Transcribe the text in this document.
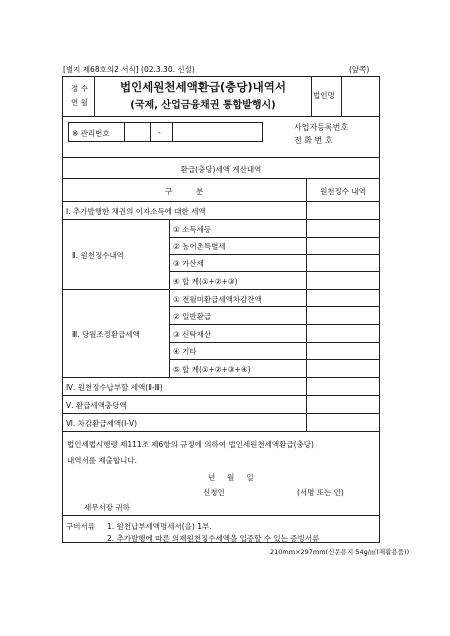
[별지 제68호의2 서식] (02.3.30. 신설)	(앞쪽)
정 수
연 월
법인세원천세액환급(충당)내역서
(국제, 산업금융채권 통합발행시)
법인명
※ 관리번호	-
사업자등록번호
전 화 번 호
환급(충당)세액 계산내역
구          분	원천징수 내역
Ⅰ. 추가발행한 채권의 이자소득에 대한 세액
Ⅱ. 원천징수내역
① 소득세등
② 농어촌특별세
③ 가산세
④ 합 계(①+②+③)
Ⅲ. 당월조정환급세액
① 전월미환급세액차감잔액
② 일반환급
③ 신탁재산
④ 기타
⑤ 합 계(①+②+③+④)
Ⅳ. 원천징수납부할 세액(Ⅱ-Ⅲ)
Ⅴ. 환급세액충당액
Ⅵ. 차감환급세액(Ⅰ-Ⅴ)
법인세법시행령 제111조 제6항의 규정에 의하여 법인세원천세액환급(충당)
내역서를 제출합니다.
년     월     일
신청인	(서명 또는 인)
세무서장 귀하
구비서류 1. 원천납부세액명세서(을) 1부.
2. 추가발행에 따른 의제원천징수세액을 입증할 수 있는 증빙서류
210mm×297mm(신문용지 54g/㎡(재활용품))
